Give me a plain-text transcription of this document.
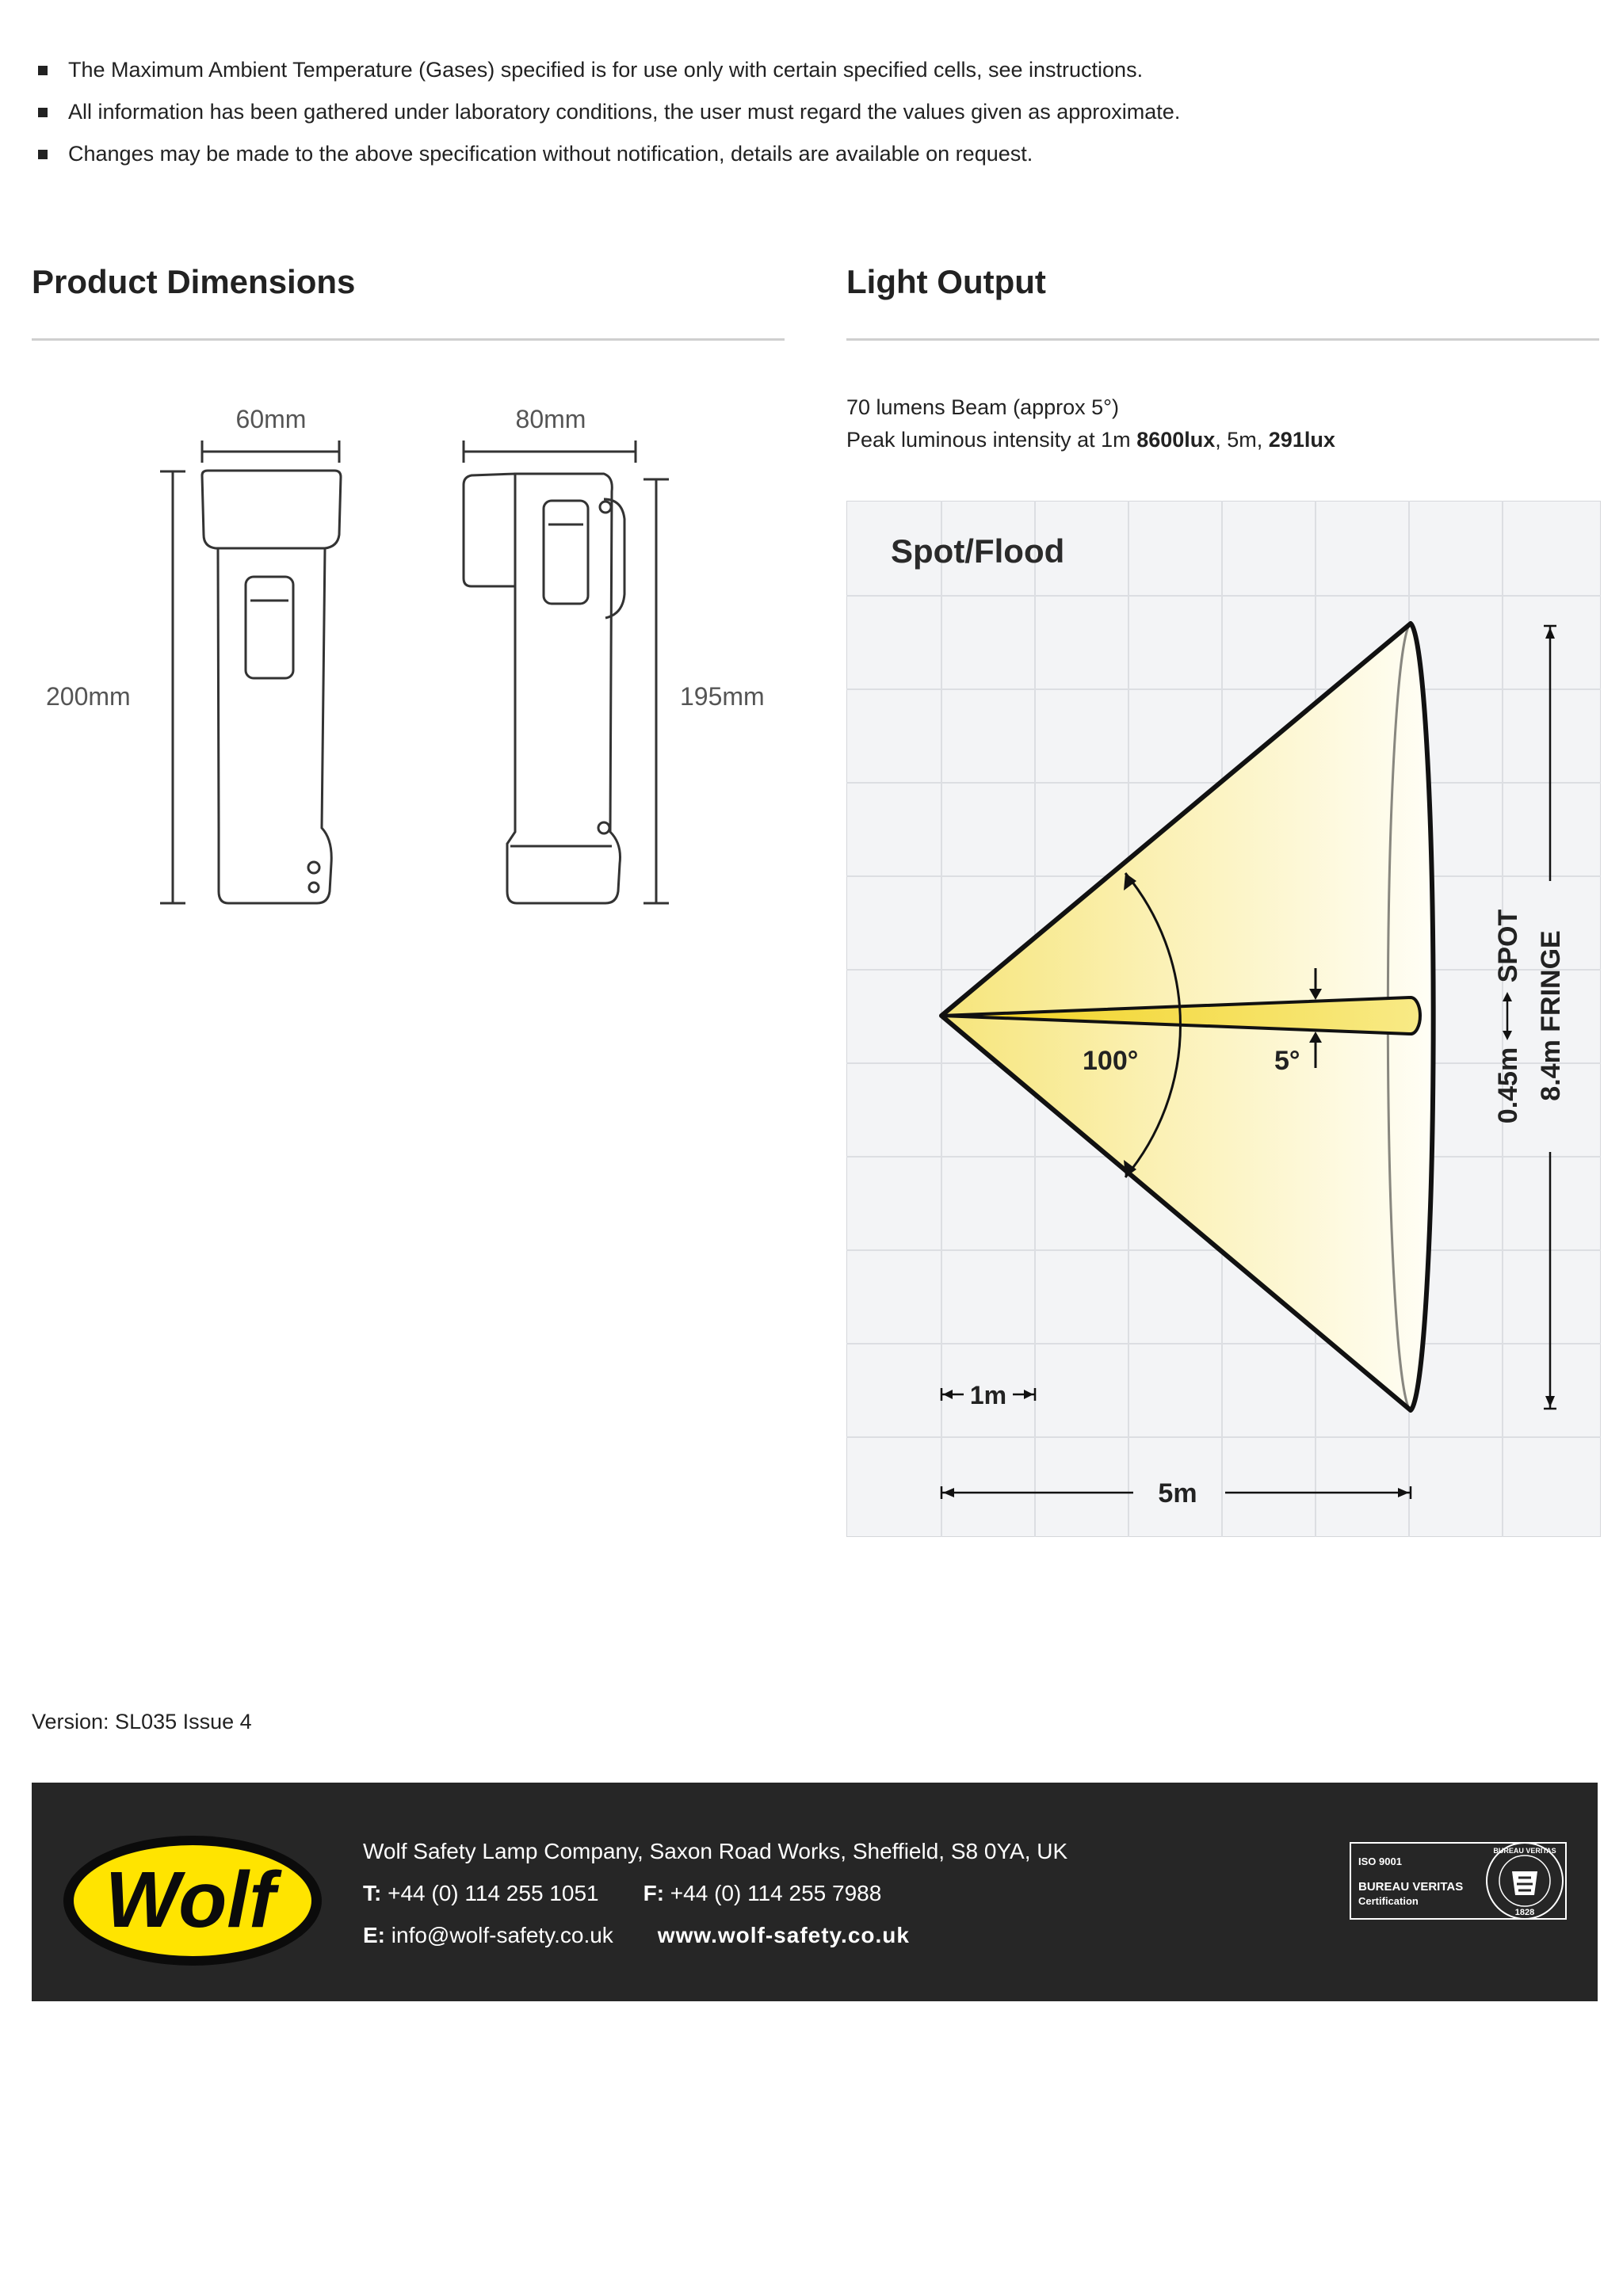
The Maximum Ambient Temperature (Gases) specified is for use only with certain specified cells, see instructions.
All information has been gathered under laboratory conditions, the user must regard the values given as approximate.
Changes may be made to the above specification without notification, details are available on request.
Product Dimensions	Light Output
60mm	80mm
200mm	195mm
70 lumens Beam (approx 5°)
Peak luminous intensity at 1m 8600lux, 5m, 291lux
Spot/Flood
100°	5°	0.45mSPOT 8.4m FRINGE
1m
5m
Version: SL035 Issue 4
Wolf
Wolf Safety Lamp Company, Saxon Road Works, Sheffield, S8 0YA, UK
T: +44 (0) 114 255 1051 F: +44 (0) 114 255 7988
E: info@wolf-safety.co.uk www.wolf-safety.co.uk
ISO 9001
BUREAU VERITAS
Certification
BUREAU VERITAS
1828
